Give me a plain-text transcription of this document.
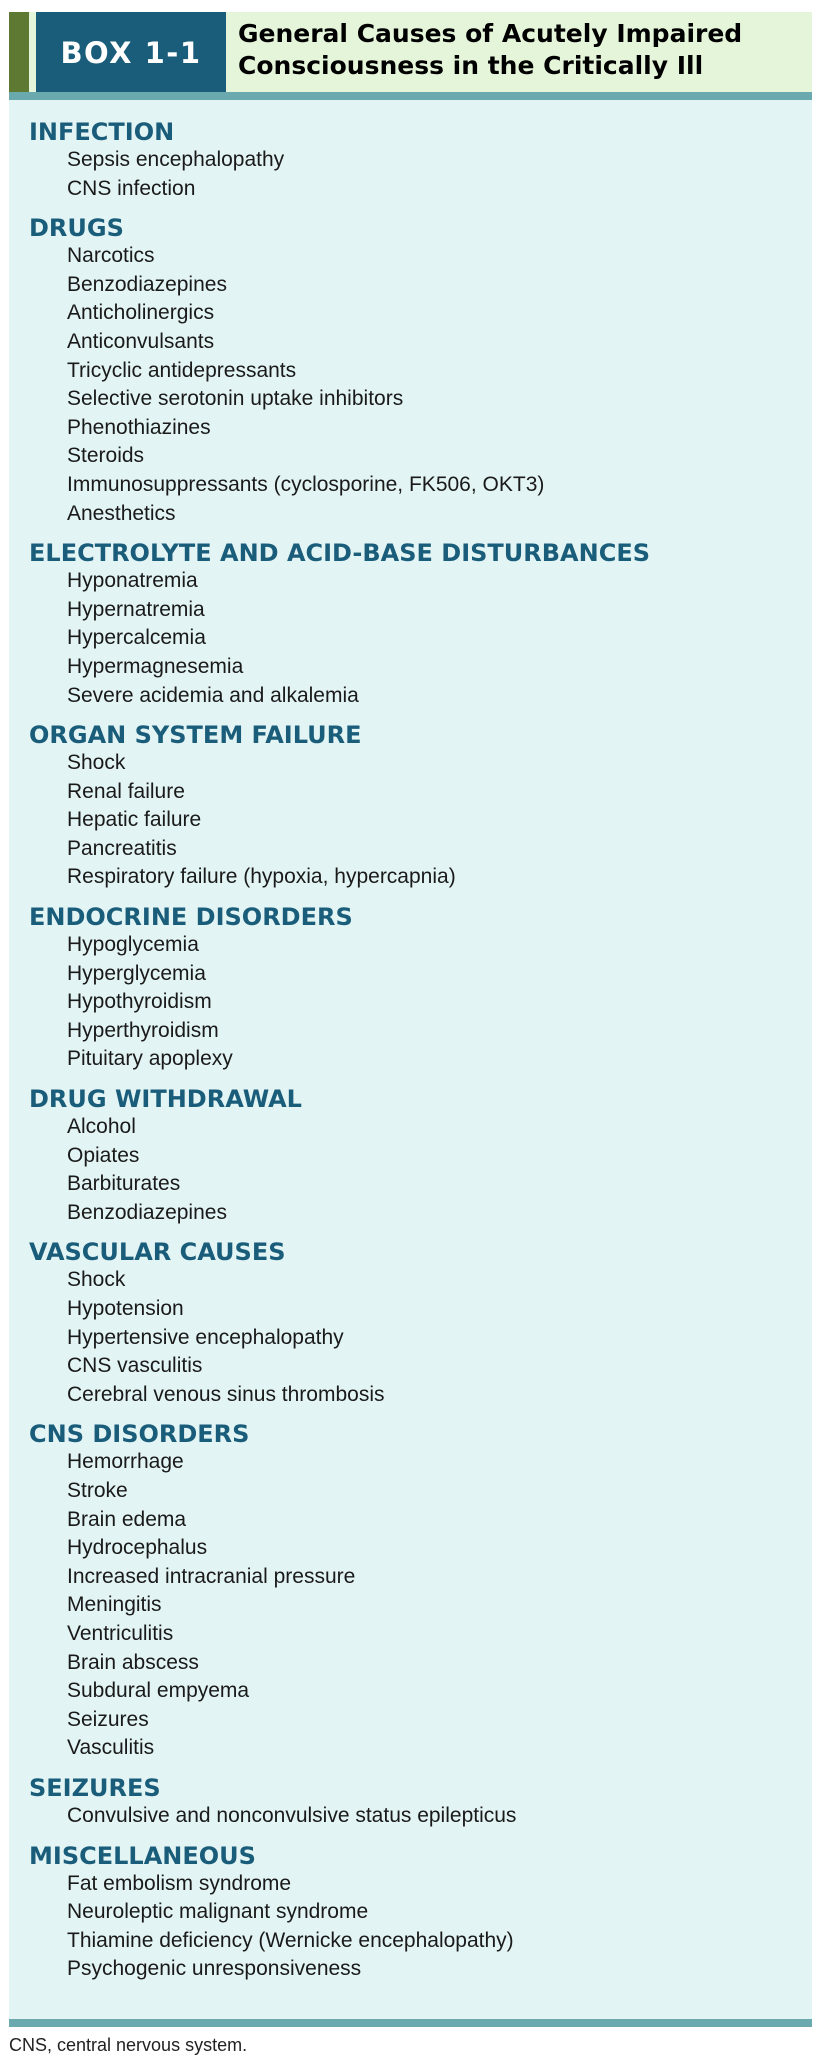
BOX 1-1
General Causes of Acutely Impaired Consciousness in the Critically Ill
INFECTION
Sepsis encephalopathy
CNS infection
DRUGS
Narcotics
Benzodiazepines
Anticholinergics
Anticonvulsants
Tricyclic antidepressants
Selective serotonin uptake inhibitors
Phenothiazines
Steroids
Immunosuppressants (cyclosporine, FK506, OKT3)
Anesthetics
ELECTROLYTE AND ACID-BASE DISTURBANCES
Hyponatremia
Hypernatremia
Hypercalcemia
Hypermagnesemia
Severe acidemia and alkalemia
ORGAN SYSTEM FAILURE
Shock
Renal failure
Hepatic failure
Pancreatitis
Respiratory failure (hypoxia, hypercapnia)
ENDOCRINE DISORDERS
Hypoglycemia
Hyperglycemia
Hypothyroidism
Hyperthyroidism
Pituitary apoplexy
DRUG WITHDRAWAL
Alcohol
Opiates
Barbiturates
Benzodiazepines
VASCULAR CAUSES
Shock
Hypotension
Hypertensive encephalopathy
CNS vasculitis
Cerebral venous sinus thrombosis
CNS DISORDERS
Hemorrhage
Stroke
Brain edema
Hydrocephalus
Increased intracranial pressure
Meningitis
Ventriculitis
Brain abscess
Subdural empyema
Seizures
Vasculitis
SEIZURES
Convulsive and nonconvulsive status epilepticus
MISCELLANEOUS
Fat embolism syndrome
Neuroleptic malignant syndrome
Thiamine deficiency (Wernicke encephalopathy)
Psychogenic unresponsiveness
CNS, central nervous system.
